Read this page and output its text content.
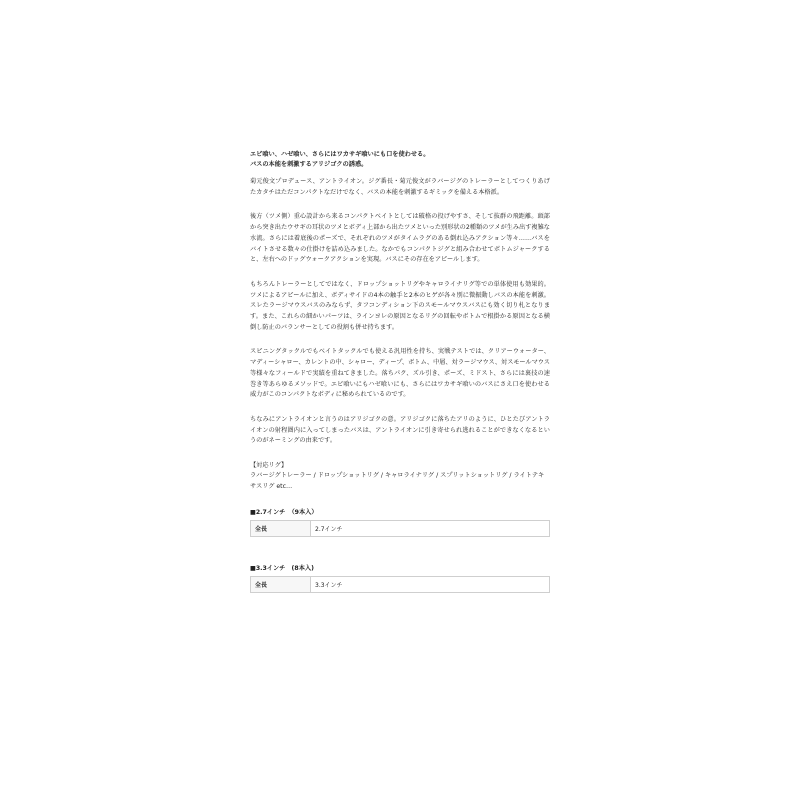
エビ喰い、ハゼ喰い、さらにはワカサギ喰いにも口を使わせる。
バスの本能を刺激するアリジゴクの誘惑。

菊元俊文プロデュース、アントライオン。ジグ番長・菊元俊文がラバージグのトレーラーとしてつくりあげたカタチはただコンパクトなだけでなく、バスの本能を刺激するギミックを備える本格派。

後方（ツメ側）重心設計から来るコンパクトベイトとしては破格の投げやすさ、そして抜群の飛距離。頭部から突き出たウサギの耳状のツメとボディ上部から出たツメといった別形状の2種類のツメが生み出す複雑な水流。さらには着底後のポーズで、それぞれのツメがタイムラグのある倒れ込みアクション等々……バスをバイトさせる数々の仕掛けを詰め込みました。なかでもコンパクトジグと組み合わせてボトムジャークすると、左右へのドッグウォークアクションを実現。バスにその存在をアピールします。

もちろんトレーラーとしてではなく、ドロップショットリグやキャロライナリグ等での単体使用も効果的。ツメによるアピールに加え、ボディサイドの4本の触手と2本のヒゲが各々別に微振動しバスの本能を刺激。スレたラージマウスバスのみならず、タフコンディション下のスモールマウスバスにも効く切り札となります。また、これらの細かいパーツは、ラインヨレの原因となるリグの回転やボトムで根掛かる原因となる横倒し防止のバランサーとしての役割も併せ持ちます。

スピニングタックルでもベイトタックルでも使える汎用性を持ち、実戦テストでは、クリアーウォーター、マディーシャロー、カレントの中、シャロー、ディープ、ボトム、中層、対ラージマウス、対スモールマウス等様々なフィールドで実績を重ねてきました。落ちパク、ズル引き、ポーズ、ミドスト、さらには裏技の速巻き等あらゆるメソッドで。エビ喰いにもハゼ喰いにも、さらにはワカサギ喰いのバスにさえ口を使わせる威力がこのコンパクトなボディに秘められているのです。

ちなみにアントライオンと言うのはアリジゴクの意。アリジゴクに落ちたアリのように、ひとたびアントライオンの射程圏内に入ってしまったバスは、アントライオンに引き寄せられ逃れることができなくなるというのがネーミングの由来です。

【対応リグ】
ラバージグトレーラー / ドロップショットリグ / キャロライナリグ / スプリットショットリグ / ライトテキサスリグ etc…
■2.7インチ　（9本入）
全長	2.7インチ
■3.3インチ　(8本入)
全長	3.3インチ
